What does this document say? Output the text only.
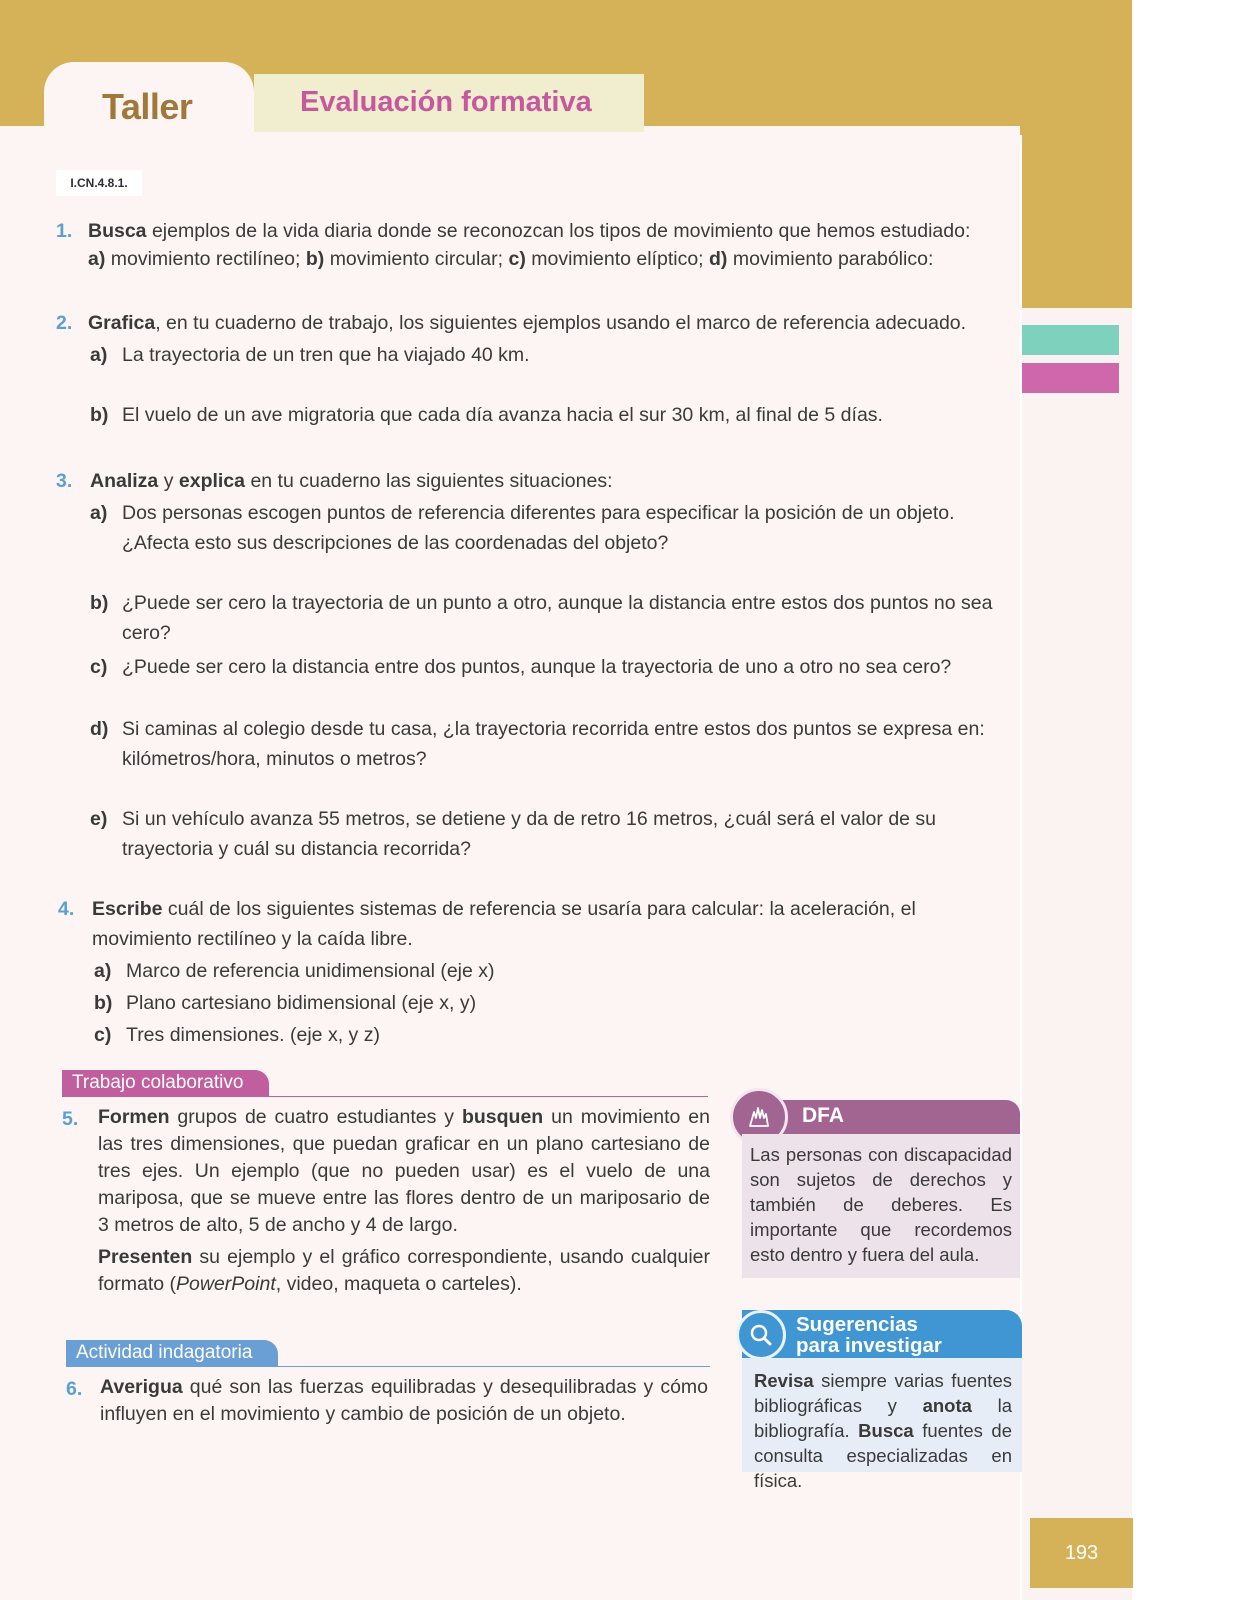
Taller	Evaluación formativa
I.CN.4.8.1.
1. Busca ejemplos de la vida diaria donde se reconozcan los tipos de movimiento que hemos estudiado:
a) movimiento rectilíneo; b) movimiento circular; c) movimiento elíptico; d) movimiento parabólico:
2. Grafica, en tu cuaderno de trabajo, los siguientes ejemplos usando el marco de referencia adecuado.
a) La trayectoria de un tren que ha viajado 40 km.
b) El vuelo de un ave migratoria que cada día avanza hacia el sur 30 km, al final de 5 días.
3. Analiza y explica en tu cuaderno las siguientes situaciones:
a) Dos personas escogen puntos de referencia diferentes para especificar la posición de un objeto. ¿Afecta esto sus descripciones de las coordenadas del objeto?
b) ¿Puede ser cero la trayectoria de un punto a otro, aunque la distancia entre estos dos puntos no sea cero?
c) ¿Puede ser cero la distancia entre dos puntos, aunque la trayectoria de uno a otro no sea cero?
d) Si caminas al colegio desde tu casa, ¿la trayectoria recorrida entre estos dos puntos se expresa en: kilómetros/hora, minutos o metros?
e) Si un vehículo avanza 55 metros, se detiene y da de retro 16 metros, ¿cuál será el valor de su trayectoria y cuál su distancia recorrida?
4. Escribe cuál de los siguientes sistemas de referencia se usaría para calcular: la aceleración, el movimiento rectilíneo y la caída libre.
a) Marco de referencia unidimensional (eje x)
b) Plano cartesiano bidimensional (eje x, y)
c) Tres dimensiones. (eje x, y z)
Trabajo colaborativo
5. Formen grupos de cuatro estudiantes y busquen un movimiento en las tres dimensiones, que puedan graficar en un plano cartesiano de tres ejes. Un ejemplo (que no pueden usar) es el vuelo de una mariposa, que se mueve entre las flores dentro de un mariposario de 3 metros de alto, 5 de ancho y 4 de largo.
Presenten su ejemplo y el gráfico correspondiente, usando cualquier formato (PowerPoint, video, maqueta o carteles).
Actividad indagatoria
6. Averigua qué son las fuerzas equilibradas y desequilibradas y cómo influyen en el movimiento y cambio de posición de un objeto.
DFA
Las personas con discapacidad son sujetos de derechos y también de deberes. Es importante que recordemos esto dentro y fuera del aula.
Sugerencias
para investigar
Revisa siempre varias fuentes bibliográficas y anota la bibliografía. Busca fuentes de consulta especializadas en física.
193
